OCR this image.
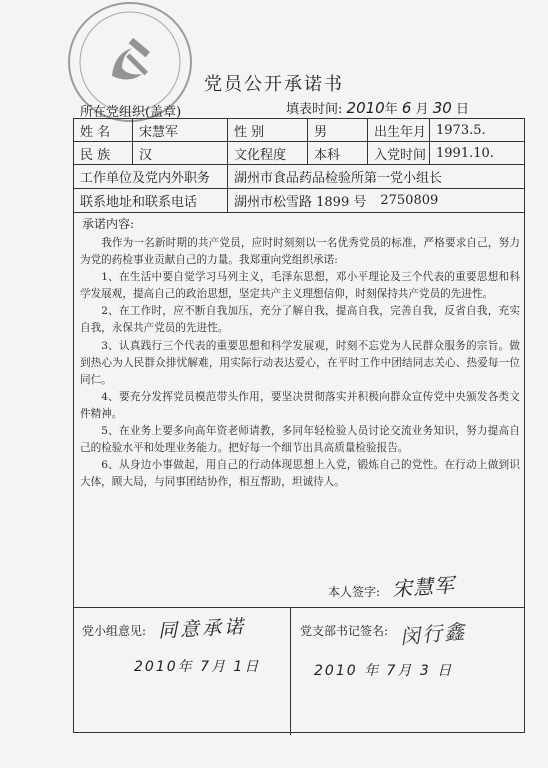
党员公开承诺书
所在党组织(盖章)	填表时间: 2010年 6 月 30 日
姓 名	宋慧军	性 别	男	出生年月 1973.5.
民 族	汉	文化程度	本科	入党时间 1991.10.
工作单位及党内外职务	湖州市食品药品检验所第一党小组长
联系地址和联系电话	湖州市松雪路 1899 号 2750809
承诺内容:

我作为一名新时期的共产党员，应时时刻刻以一名优秀党员的标准，严格要求自己，努力为党的药检事业贡献自己的力量。我郑重向党组织承诺:

1、在生活中要自觉学习马列主义，毛泽东思想，邓小平理论及三个代表的重要思想和科学发展观，提高自己的政治思想，坚定共产主义理想信仰，时刻保持共产党员的先进性。

2、在工作时，应不断自我加压，充分了解自我，提高自我，完善自我，反省自我，充实自我，永保共产党员的先进性。

3、认真践行三个代表的重要思想和科学发展观，时刻不忘党为人民群众服务的宗旨。做到热心为人民群众排忧解难，用实际行动表达爱心，在平时工作中团结同志关心、热爱每一位同仁。

4、要充分发挥党员模范带头作用，要坚决贯彻落实并积极向群众宣传党中央颁发各类文件精神。

5、在业务上要多向高年资老师请教，多同年轻检验人员讨论交流业务知识，努力提高自己的检验水平和处理业务能力。把好每一个细节出具高质量检验报告。

6、从身边小事做起，用自己的行动体现思想上入党，锻炼自己的党性。在行动上做到识大体，顾大局，与同事团结协作，相互帮助，坦诚待人。

本人签字: 宋慧军
党小组意见: 同意承诺
2010年 7月 1日
党支部书记签名: 闵行鑫
2010 年 7月 3 日
